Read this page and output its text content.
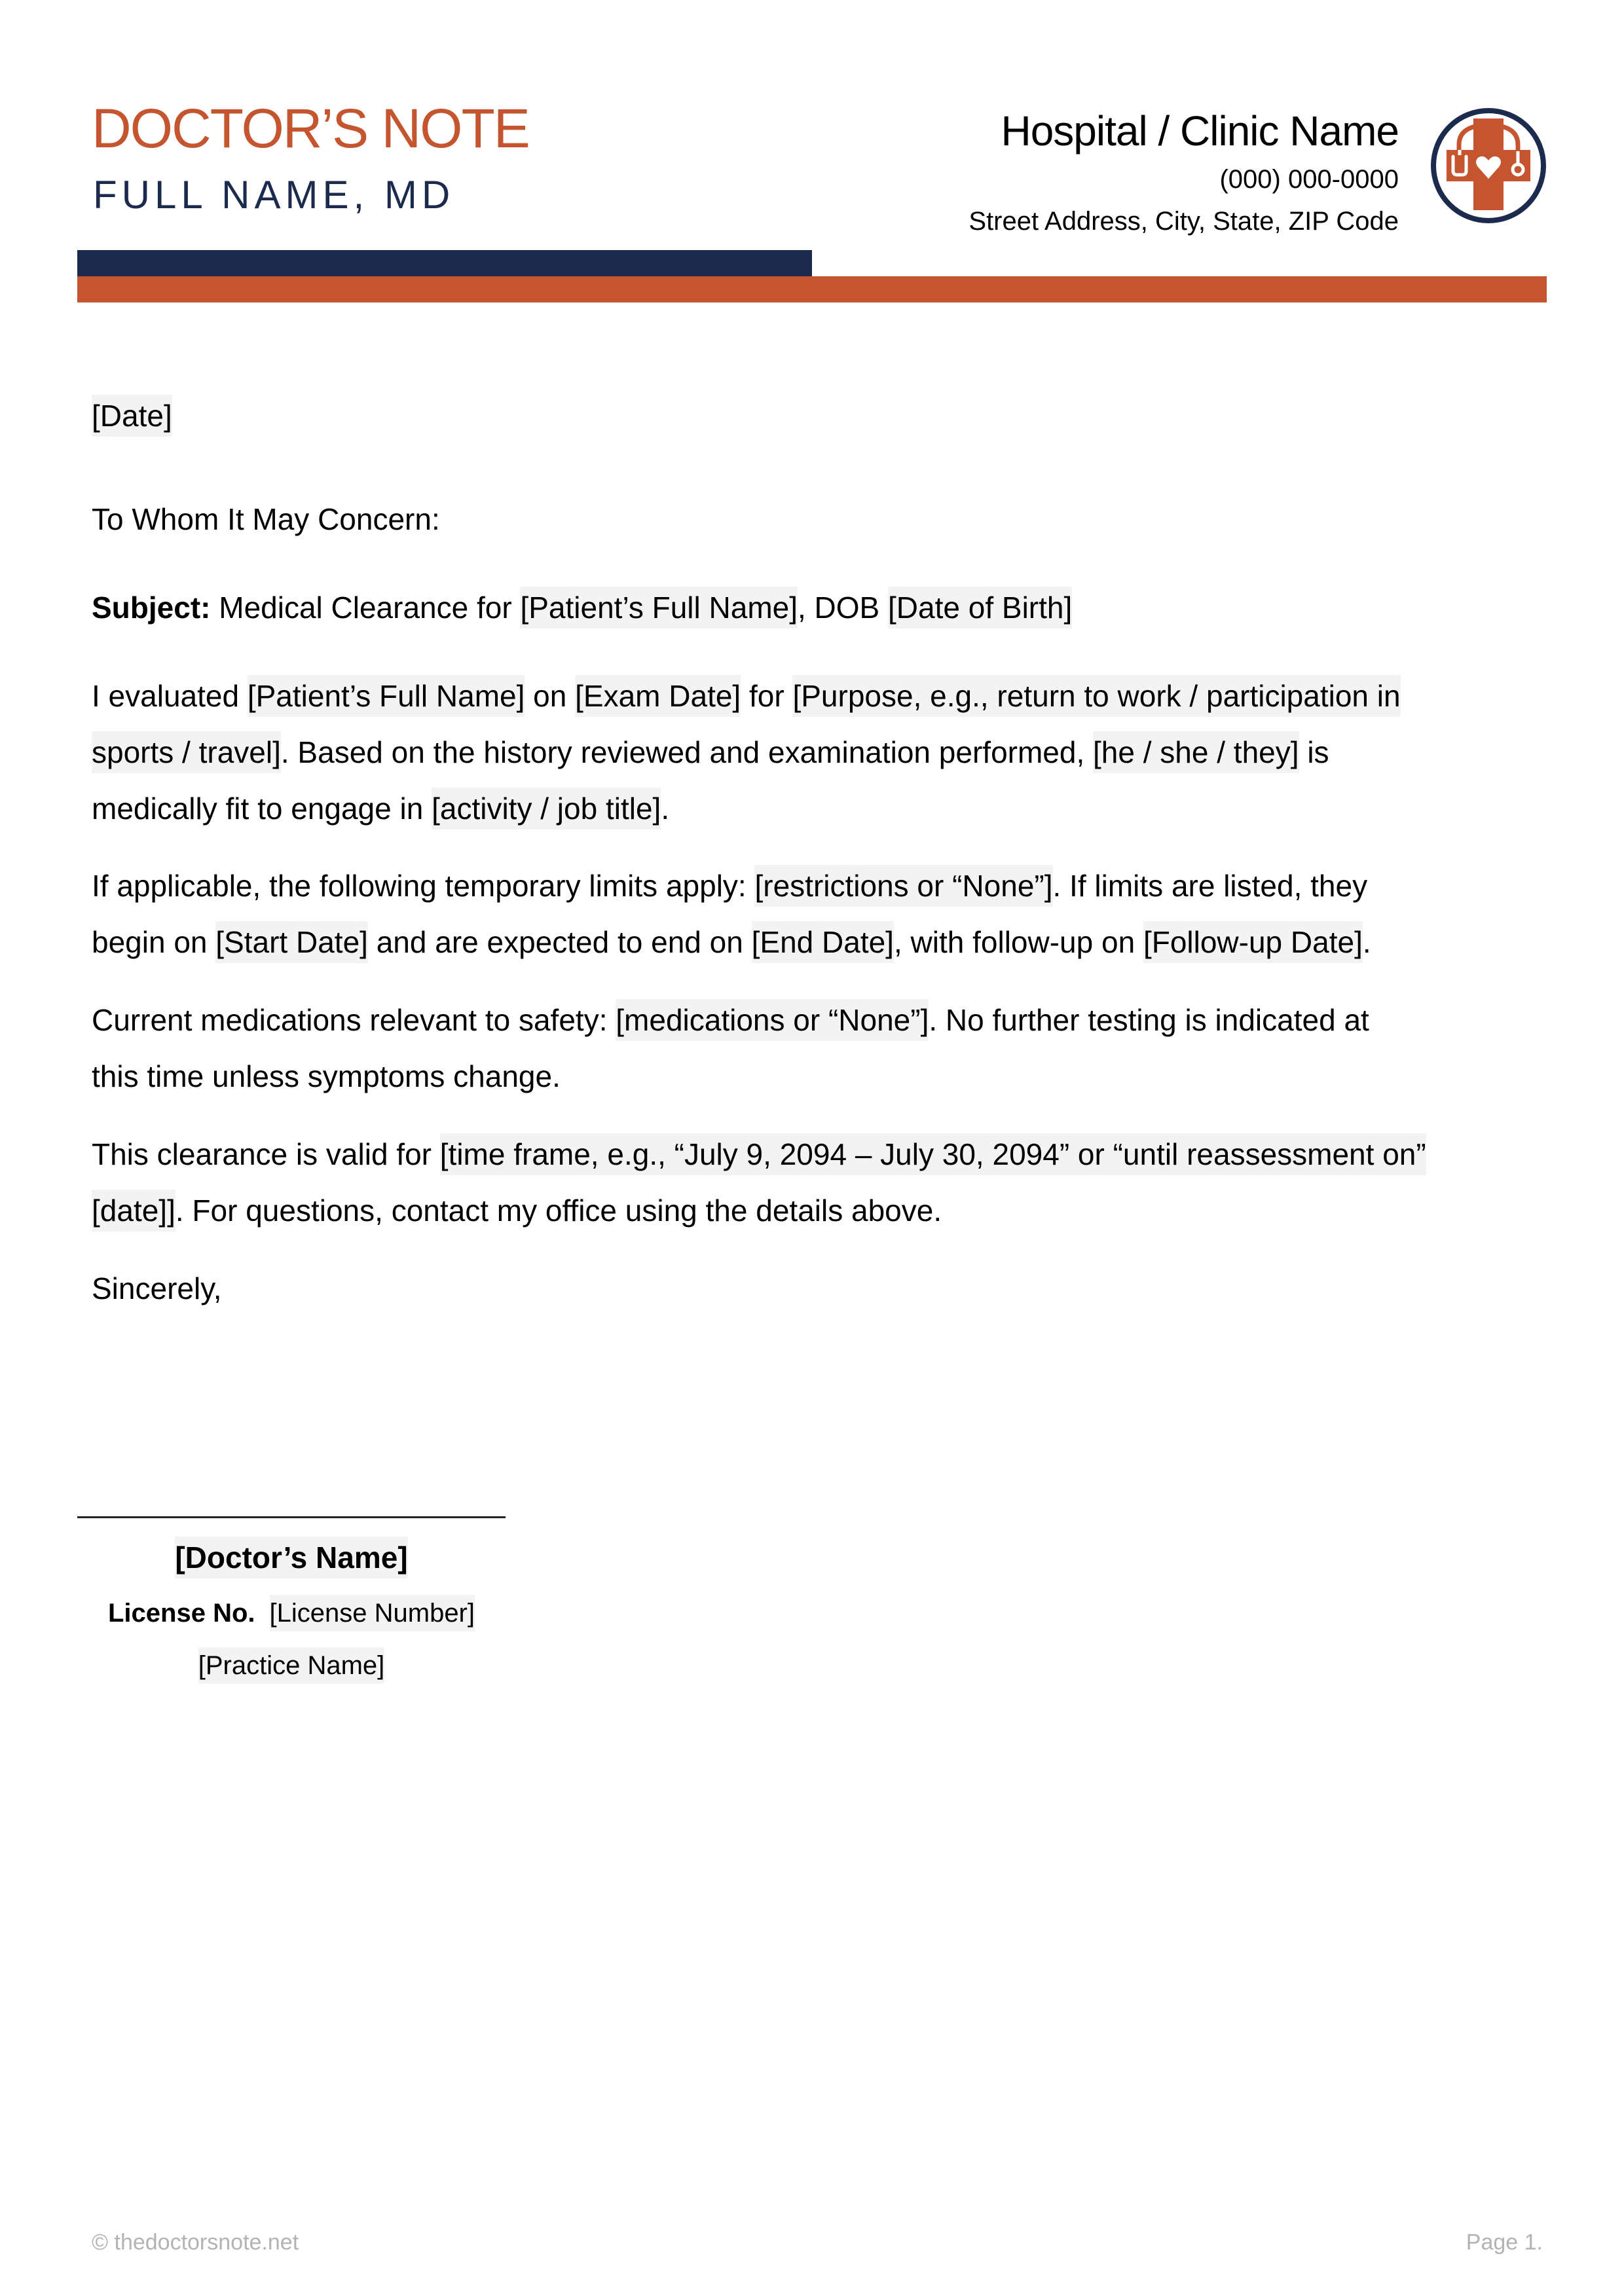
DOCTOR’S NOTE
FULL NAME, MD
Hospital / Clinic Name
(000) 000-0000
Street Address, City, State, ZIP Code
[Date]
To Whom It May Concern:
Subject: Medical Clearance for [Patient’s Full Name], DOB [Date of Birth]
I evaluated [Patient’s Full Name] on [Exam Date] for [Purpose, e.g., return to work / participation in
sports / travel]. Based on the history reviewed and examination performed, [he / she / they] is
medically fit to engage in [activity / job title].
If applicable, the following temporary limits apply: [restrictions or “None”]. If limits are listed, they
begin on [Start Date] and are expected to end on [End Date], with follow-up on [Follow-up Date].
Current medications relevant to safety: [medications or “None”]. No further testing is indicated at
this time unless symptoms change.
This clearance is valid for [time frame, e.g., “July 9, 2094 – July 30, 2094” or “until reassessment on”
[date]]. For questions, contact my office using the details above.
Sincerely,
[Doctor’s Name]
License No. [License Number]
[Practice Name]
© thedoctorsnote.net	Page 1.
